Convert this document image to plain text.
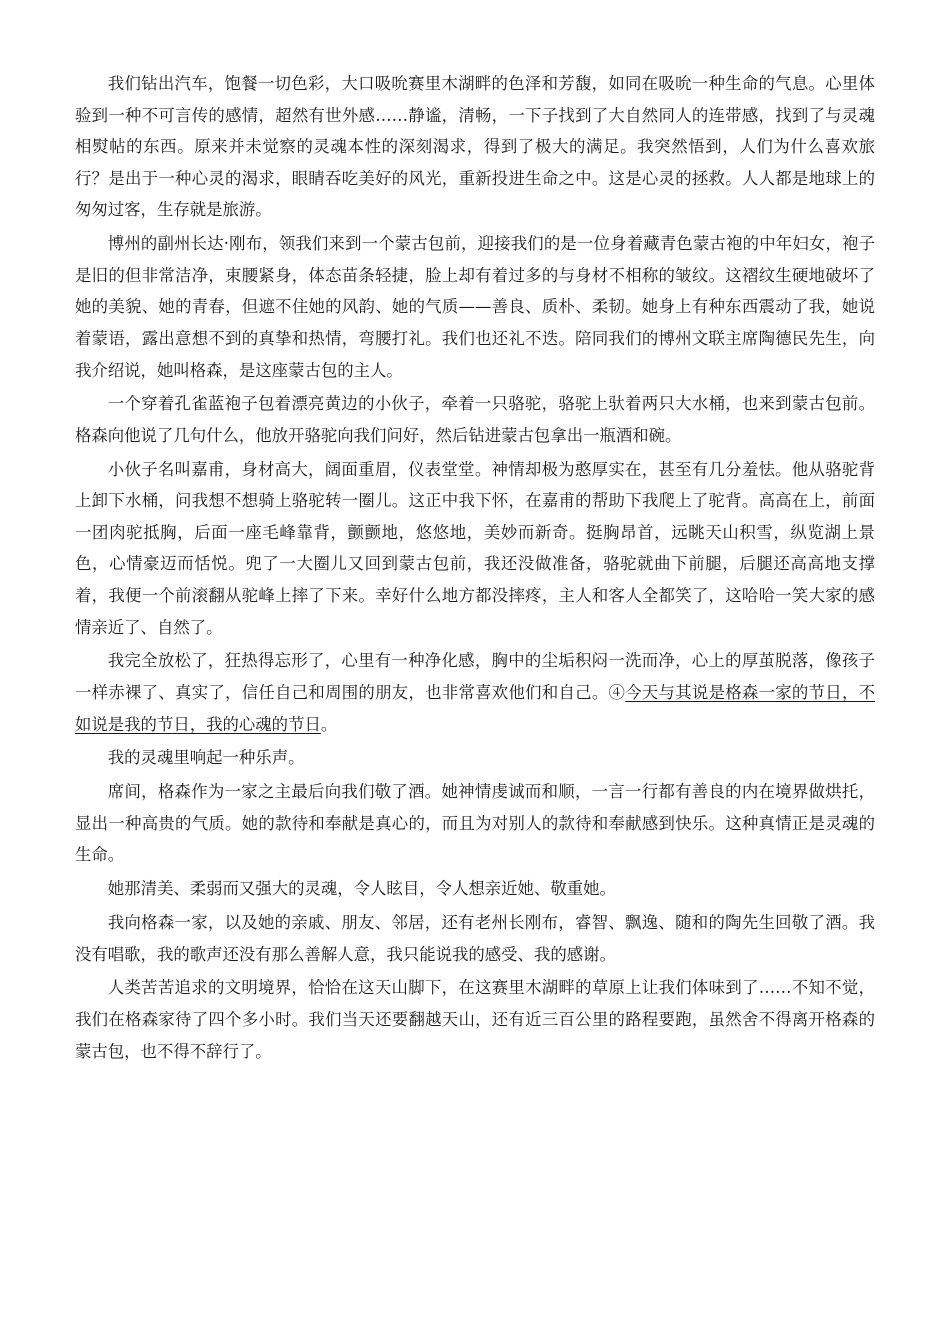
我们钻出汽车，饱餐一切色彩，大口吸吮赛里木湖畔的色泽和芳馥，如同在吸吮一种生命的气息。心里体验到一种不可言传的感情，超然有世外感……静谧，清畅，一下子找到了大自然同人的连带感，找到了与灵魂相熨帖的东西。原来并未觉察的灵魂本性的深刻渴求，得到了极大的满足。我突然悟到，人们为什么喜欢旅行？是出于一种心灵的渴求，眼睛吞吃美好的风光，重新投进生命之中。这是心灵的拯救。人人都是地球上的匆匆过客，生存就是旅游。

博州的副州长达·刚布，领我们来到一个蒙古包前，迎接我们的是一位身着藏青色蒙古袍的中年妇女，袍子是旧的但非常洁净，束腰紧身，体态苗条轻捷，脸上却有着过多的与身材不相称的皱纹。这褶纹生硬地破坏了她的美貌、她的青春，但遮不住她的风韵、她的气质——善良、质朴、柔韧。她身上有种东西震动了我，她说着蒙语，露出意想不到的真挚和热情，弯腰打礼。我们也还礼不迭。陪同我们的博州文联主席陶德民先生，向我介绍说，她叫格森，是这座蒙古包的主人。

一个穿着孔雀蓝袍子包着漂亮黄边的小伙子，牵着一只骆驼，骆驼上驮着两只大水桶，也来到蒙古包前。格森向他说了几句什么，他放开骆驼向我们问好，然后钻进蒙古包拿出一瓶酒和碗。

小伙子名叫嘉甫，身材高大，阔面重眉，仪表堂堂。神情却极为憨厚实在，甚至有几分羞怯。他从骆驼背上卸下水桶，问我想不想骑上骆驼转一圈儿。这正中我下怀，在嘉甫的帮助下我爬上了驼背。高高在上，前面一团肉驼抵胸，后面一座毛峰靠背，颤颤地，悠悠地，美妙而新奇。挺胸昂首，远眺天山积雪，纵览湖上景色，心情豪迈而恬悦。兜了一大圈儿又回到蒙古包前，我还没做准备，骆驼就曲下前腿，后腿还高高地支撑着，我便一个前滚翻从驼峰上摔了下来。幸好什么地方都没摔疼，主人和客人全都笑了，这哈哈一笑大家的感情亲近了、自然了。

我完全放松了，狂热得忘形了，心里有一种净化感，胸中的尘垢积闷一洗而净，心上的厚茧脱落，像孩子一样赤裸了、真实了，信任自己和周围的朋友，也非常喜欢他们和自己。④今天与其说是格森一家的节日，不如说是我的节日，我的心魂的节日。

我的灵魂里响起一种乐声。

席间，格森作为一家之主最后向我们敬了酒。她神情虔诚而和顺，一言一行都有善良的内在境界做烘托，显出一种高贵的气质。她的款待和奉献是真心的，而且为对别人的款待和奉献感到快乐。这种真情正是灵魂的生命。

她那清美、柔弱而又强大的灵魂，令人眩目，令人想亲近她、敬重她。

我向格森一家，以及她的亲戚、朋友、邻居，还有老州长刚布，睿智、飘逸、随和的陶先生回敬了酒。我没有唱歌，我的歌声还没有那么善解人意，我只能说我的感受、我的感谢。

人类苦苦追求的文明境界，恰恰在这天山脚下，在这赛里木湖畔的草原上让我们体味到了……不知不觉，我们在格森家待了四个多小时。我们当天还要翻越天山，还有近三百公里的路程要跑，虽然舍不得离开格森的蒙古包，也不得不辞行了。
